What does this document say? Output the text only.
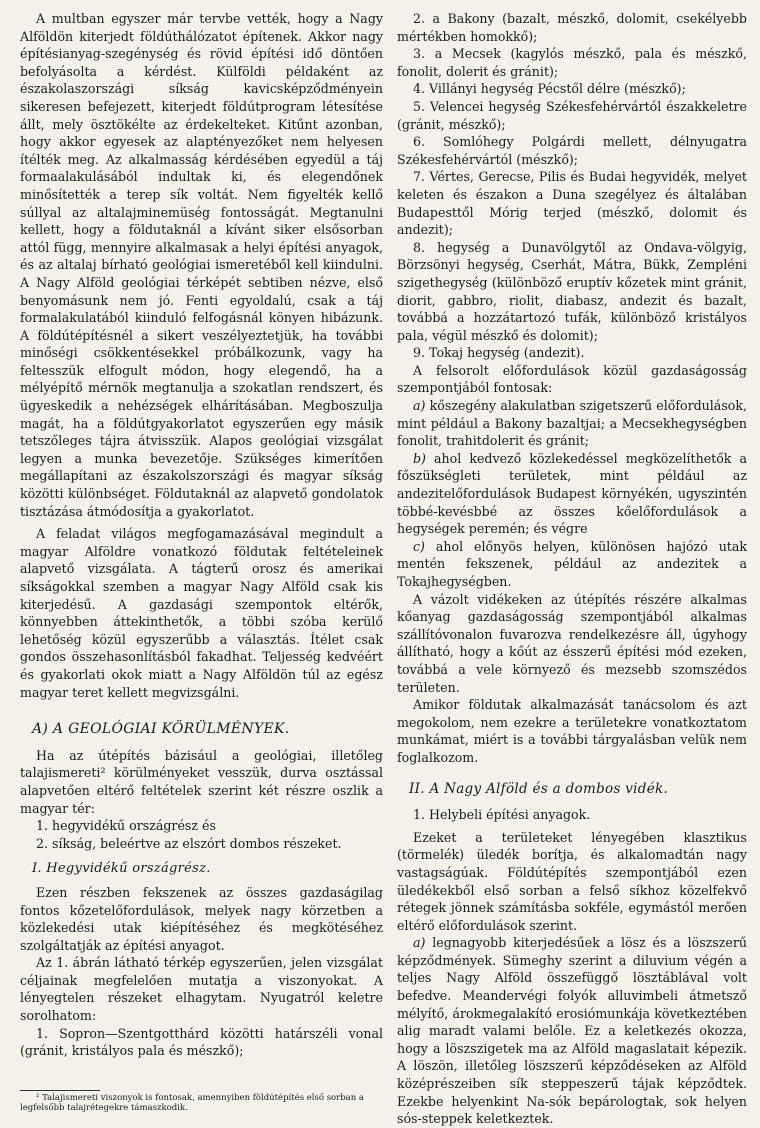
A multban egyszer már tervbe vették, hogy a Nagy Alföldön kiterjedt földúthálózatot építenek. Akkor nagy építésianyag-szegénység és rövid építési idő döntően befolyásolta a kérdést. Külföldi példaként az északolaszországi síkság kavicsképződményein sikeresen befejezett, kiterjedt földútprogram létesítése állt, mely ösztökélte az érdekelteket. Kitűnt azonban, hogy akkor egyesek az alaptényezőket nem helyesen ítélték meg. Az alkalmasság kérdésében egyedül a táj formaalakulásából indultak ki, és elegendőnek minősítették a terep sík voltát. Nem figyelték kellő súllyal az altalajminemüség fontosságát. Megtanulni kellett, hogy a földutaknál a kívánt siker elsősorban attól függ, mennyire alkalmasak a helyi építési anyagok, és az altalaj bírható geológiai ismeretéből kell kiindulni. A Nagy Alföld geológiai térképét sebtiben nézve, első benyomásunk nem jó. Fenti egyoldalú, csak a táj formalakulatából kiinduló felfogásnál könyen hibázunk. A földútépítésnél a sikert veszélyeztetjük, ha további minőségi csökkentésekkel próbálkozunk, vagy ha feltesszük elfogult módon, hogy elegendő, ha a mélyépítő mérnök megtanulja a szokatlan rendszert, és ügyeskedik a nehézségek elhárításában. Megboszulja magát, ha a földútgyakorlatot egyszerűen egy másik tetszőleges tájra átvisszük. Alapos geológiai vizsgálat legyen a munka bevezetője. Szükséges kimerítően megállapítani az északolszországi és magyar síkság közötti különbséget. Földutaknál az alapvető gondolatok tisztázása átmódosítja a gyakorlatot.

A feladat világos megfogamazásával megindult a magyar Alföldre vonatkozó földutak feltételeinek alapvető vizsgálata. A tágterű orosz és amerikai síkságokkal szemben a magyar Nagy Alföld csak kis kiterjedésű. A gazdasági szempontok eltérők, könnyebben áttekinthetők, a többi szóba kerülő lehetőség közül egyszerűbb a választás. Ítélet csak gondos összehasonlításból fakadhat. Teljesség kedvéért és gyakorlati okok miatt a Nagy Alföldön túl az egész magyar teret kellett megvizsgálni.

A) A GEOLÓGIAI KÖRÜLMÉNYEK.

Ha az útépítés bázisául a geológiai, illetőleg talajismereti² körülményeket vesszük, durva osztással alapvetően eltérő feltételek szerint két részre oszlik a magyar tér:

1. hegyvidékű országrész és

2. síkság, beleértve az elszórt dombos részeket.

I. Hegyvidékű országrész.

Ezen részben fekszenek az összes gazdaságilag fontos kőzetelőfordulások, melyek nagy körzetben a közlekedési utak kiépítéséhez és megkötéséhez szolgáltatják az építési anyagot.

Az 1. ábrán látható térkép egyszerűen, jelen vizsgálat céljainak megfelelően mutatja a viszonyokat. A lényegtelen részeket elhagytam. Nyugatról keletre sorolhatom:

1. Sopron—Szentgotthárd közötti határszéli vonal (gránit, kristályos pala és mészkő);

² Talajismereti viszonyok is fontosak, amennyiben földútépítés első sorban a legfelsőbb talajrétegekre támaszkodik.

2. a Bakony (bazalt, mészkő, dolomit, csekélyebb mértékben homokkő);

3. a Mecsek (kagylós mészkő, pala és mészkő, fonolit, dolerit és gránit);

4. Villányi hegység Pécstől délre (mészkő);

5. Velencei hegység Székesfehérvártól északkeletre (gránit, mészkő);

6. Somlóhegy Polgárdi mellett, délnyugatra Székesfehérvártól (mészkő);

7. Vértes, Gerecse, Pilis és Budai hegyvidék, melyet keleten és északon a Duna szegélyez és általában Budapesttől Mórig terjed (mészkő, dolomit és andezit);

8. hegység a Dunavölgytől az Ondava-völgyig, Börzsönyi hegység, Cserhát, Mátra, Bükk, Zempléni szigethegység (különböző eruptív kőzetek mint gránit, diorit, gabbro, riolit, diabasz, andezit és bazalt, továbbá a hozzátartozó tufák, különböző kristályos pala, végül mészkő és dolomit);

9. Tokaj hegység (andezit).

A felsorolt előfordulások közül gazdaságosság szempontjából fontosak:

a) kőszegény alakulatban szigetszerű előfordulások, mint például a Bakony bazaltjai; a Mecsekhegységben fonolit, trahitdolerit és gránit;

b) ahol kedvező közlekedéssel megközelíthetők a főszükségleti területek, mint például az andezitelőfordulások Budapest környékén, ugyszintén többé-kevésbbé az összes kőelőfordulások a hegységek peremén; és végre

c) ahol előnyös helyen, különösen hajózó utak mentén fekszenek, például az andezitek a Tokajhegységben.

A vázolt vidékeken az útépítés részére alkalmas kőanyag gazdaságosság szempontjából alkalmas szállítóvonalon fuvarozva rendelkezésre áll, úgyhogy állítható, hogy a kőút az ésszerű építési mód ezeken, továbbá a vele környező és mezsebb szomszédos területen.

Amikor földutak alkalmazását tanácsolom és azt megokolom, nem ezekre a területekre vonatkoztatom munkámat, miért is a további tárgyalásban velük nem foglalkozom.

II. A Nagy Alföld és a dombos vidék.

1. Helybeli építési anyagok.

Ezeket a területeket lényegében klasztikus (törmelék) üledék borítja, és alkalomadtán nagy vastagságúak. Földútépítés szempontjából ezen üledékekből első sorban a felső síkhoz közelfekvő rétegek jönnek számításba sokféle, egymástól merően eltérő előfordulások szerint.

a) legnagyobb kiterjedésűek a lösz és a löszszerű képződmények. Sümeghy szerint a diluvium végén a teljes Nagy Alföld összefüggő lösztáblával volt befedve. Meandervégi folyók alluvimbeli átmetsző mélyítő, árokmegalakító erosiómunkája következtében alig maradt valami belőle. Ez a keletkezés okozza, hogy a löszszigetek ma az Alföld magaslatait képezik. A löszön, illetőleg löszszerű képződéseken az Alföld középrészeiben sík steppeszerű tájak képződtek. Ezekbe helyenkint Na-sók bepárologtak, sok helyen sós-steppek keletkeztek.
